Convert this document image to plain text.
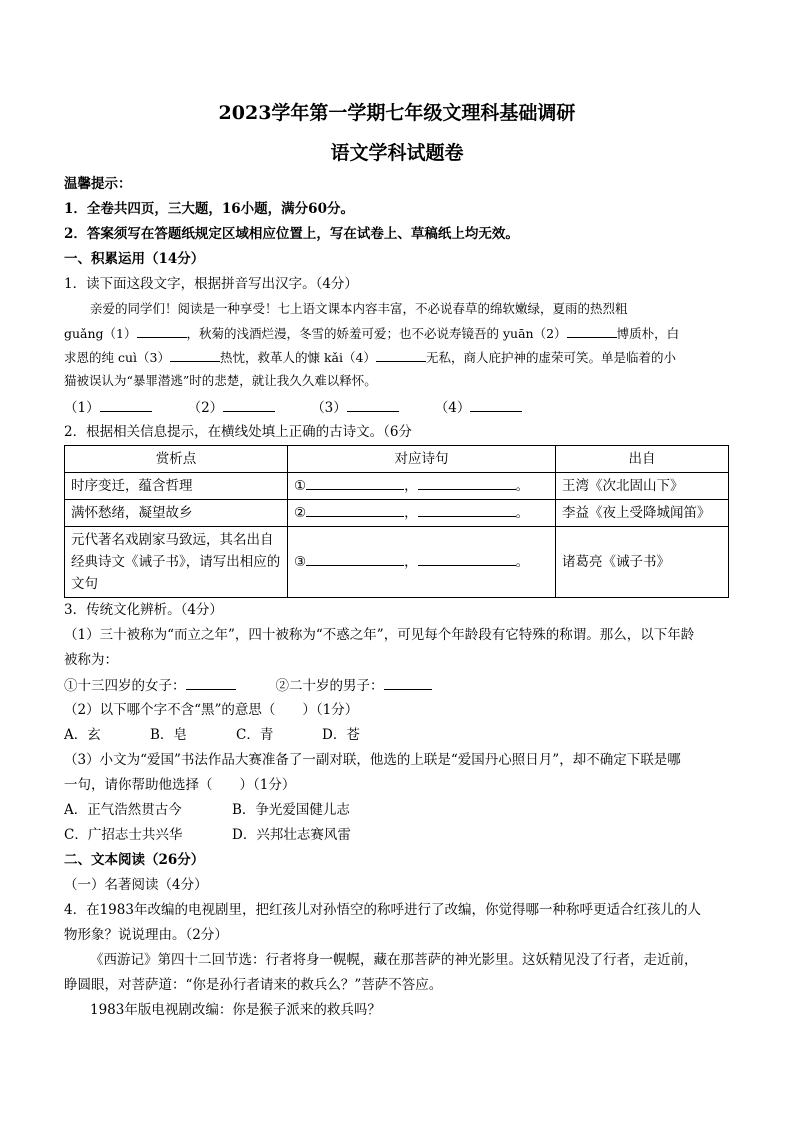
2023学年第一学期七年级文理科基础调研
语文学科试题卷
温馨提示：
1．全卷共四页，三大题，16小题，满分60分。
2．答案须写在答题纸规定区域相应位置上，写在试卷上、草稿纸上均无效。
一、积累运用（14分）
1．读下面这段文字，根据拼音写出汉字。（4分）
亲爱的同学们！阅读是一种享受！七上语文课本内容丰富，不必说春草的绵软嫩绿，夏雨的热烈粗
guǎng（1）	，秋菊的浅酒烂漫，冬雪的娇羞可爱；也不必说寿镜吾的 yuān（2）	博质朴，白
求恩的纯 cuì（3）	热忱，救革人的慷 kǎi（4）	无私，商人庇护神的虚荣可笑。单是临着的小
猫被误认为“暴罪潜逃”时的悲楚，就让我久久难以释怀。
（1）	（2）	（3）	（4）
2．根据相关信息提示，在横线处填上正确的古诗文。（6分
赏析点	对应诗句	出自
时序变迁，蕴含哲理	① ， 。	王湾《次北固山下》
满怀愁绪，凝望故乡	② ， 。	李益《夜上受降城闻笛》
元代著名戏剧家马致远，其名出自经典诗文《诫子书》，请写出相应的文句	③ ， 。	诸葛亮《诫子书》
3．传统文化辨析。（4分）
（1）三十被称为“而立之年”，四十被称为“不惑之年”，可见每个年龄段有它特殊的称谓。那么，以下年龄
被称为：
①十三四岁的女子：	②二十岁的男子：
（2）以下哪个字不含“黑”的意思（　　）（1分）
A．玄	B．皂	C．青	D．苍
（3）小文为“爱国”书法作品大赛准备了一副对联，他选的上联是“爱国丹心照日月”，却不确定下联是哪
一句，请你帮助他选择（　　）（1分）
A．正气浩然贯古今	B．争光爱国健儿志
C．广招志士共兴华	D．兴邦壮志赛风雷
二、文本阅读（26分）
（一）名著阅读（4分）
4．在1983年改编的电视剧里，把红孩儿对孙悟空的称呼进行了改编，你觉得哪一种称呼更适合红孩儿的人
物形象？说说理由。（2分）
《西游记》第四十二回节选：行者将身一幌幌，藏在那菩萨的神光影里。这妖精见没了行者，走近前，
睁圆眼，对菩萨道：“你是孙行者请来的救兵么？”菩萨不答应。
1983年版电视剧改编：你是猴子派来的救兵吗？
